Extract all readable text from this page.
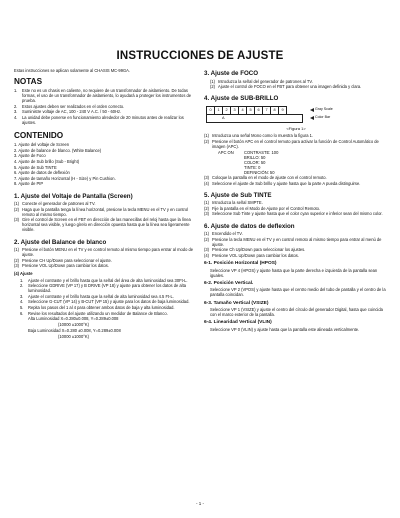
INSTRUCCIONES DE AJUSTE

Estas instrucciones se aplican solamente al CHASIS MC-99GA.

NOTAS
1.	Este no es un chasis en caliente, no requiere de un transformador de aislamiento. De todas formas, el uso de un transformador de aislamiento, lo ayudará a proteger los instrumentos de prueba.
2.	Estos ajustes deben ser realizados en el orden correcto.
3.	Suministre voltaje de AC, 100 - 240 V A.C. / 50 - 60Hz.
4.	La unidad debe ponerse en funcionamiento alrededor de 20 minutos antes de realizar los ajustes.
CONTENIDO
1. Ajuste del voltaje de Screen
2. Ajuste de balance de blanco. (White Balance)
3. Ajuste de Foco
4. Ajuste de Sub brillo (Sub - Bright)
5. Ajuste de Sub TINTE
6. Ajuste de datos de deflexión
7. Ajuste de tamaño Horizontal (H - Size) y Pin Cushion.
8. Ajuste de PIP
1. Ajuste del Voltaje de Pantalla (Screen)
(1) Conecte el generador de patrones al TV.
(2) Haga que la pantalla tenga la línea horizontal, presione la tecla MENU en el TV y en control remoto al mismo tiempo.
(3) Gire el control de Screen en el FBT en dirección de las manecillas del reloj hasta que la línea horizontal sea visible, y luego gírelo en dirección opuesta hasta que la línea sea ligeramente visible.
2. Ajuste del Balance de blanco
(1) Presione el botón MENU en el TV y en control remoto al mismo tiempo para entrar al modo de ajuste.
(2) Presione CH Up/Down para seleccionar el ajuste.
(3) Presione VOL Up/Down para cambiar los datos.

(4) Ajuste

1.	Ajuste el contraste y el brillo hasta que la señal del área de alta luminosidad sea 30Ft-L.
2.	Seleccione GDRIVE (VP 17) y B DRIVE (VP 18) y ajuste para obtener los datos de alta luminosidad.
3.	Ajuste el contraste y el brillo hasta que la señal de alta luminosidad sea 4.5 Ft-L.
4.	Seleccione G-CUT (VP 14) y B-CUT (VP 15) y ajuste para los datos de baja luminosidad.
5.	Repita los pasos del 1 al 4 para obtener ambos datos de baja y alta luminosidad.
6.	Revise los resultados del ajuste utilizando un medidor de Balance de Blanco.

Alta Luminosidad X=0.280±0.008, Y=0.289±0.008

(10000 ±1000°K)

Baja Luminosidad X=0.280 ±0.008, Y=0.289±0.008

(10000 ±1000°K)

3. Ajuste de FOCO
(1) Introduzca la señal del generador de patrones al TV.
(2) Ajuste el control de FOCO en el FBT para obtener una imagen definida y clara.
4. Ajuste de SUB-BRILLO
0	1	2	3	4	5	6	7	8	9
A
Gray Scale
Color Bar
<Figura 1>
(1) Introduzca una señal Mono como lo muestra la figura 1.
(2) Presione el botón APC en el control remoto para activar la función de Control Automático de imagen (APC).
APC ON	CONTRASTE: 100
BRILLO: 50
COLOR: 50
TINTE: 0
DEFINICIÓN: 50
(3) Coloque la pantalla en el modo de ajuste con el control remoto.
(4) Seleccione el ajuste de Sub brillo y ajuste hasta que la parte A pueda distinguirse.
5. Ajuste de Sub TINTE
(1) Introduzca la señal SMPTE.
(2) Fije la pantalla en el Modo de Ajuste por el Control Remoto.
(3) Seleccione Sub Tinte y ajuste hasta que el color cyan superior e inferior sean del mismo color.
6. Ajuste de datos de deflexion
(1) Encendido el TV.
(2) Presione la tecla MENU en el TV y en control remoto al mismo tiempo para entrar al menú de ajuste.
(3) Presione Ch Up/Down para seleccionar los ajustes.
(4) Presione VOL Up/Down para cambiar los datos.
6-1. Posición Horizontal (HPOS)

Seleccione VP 4 (HPOS) y ajuste hasta que la parte derecha e izquierda de la pantalla sean iguales.

6-2. Posición Vertical.

Seleccione VP 2 (VPOS) y ajuste hasta que el centro medio del tubo de pantalla y el centro de la pantalla coincidan.

6-3. Tamaño Vertical (VSIZE)

Seleccione VP 1 (VSIZE) y ajuste el centro del círculo del generador Digital, hasta que coincida con el marco exterior de la pantalla.

6-4. Linearidad Vertical (VLIN)

Seleccione VP 0 (VLIN) y ajuste hasta que la pantalla este alineada verticalmente.

- 1 -
